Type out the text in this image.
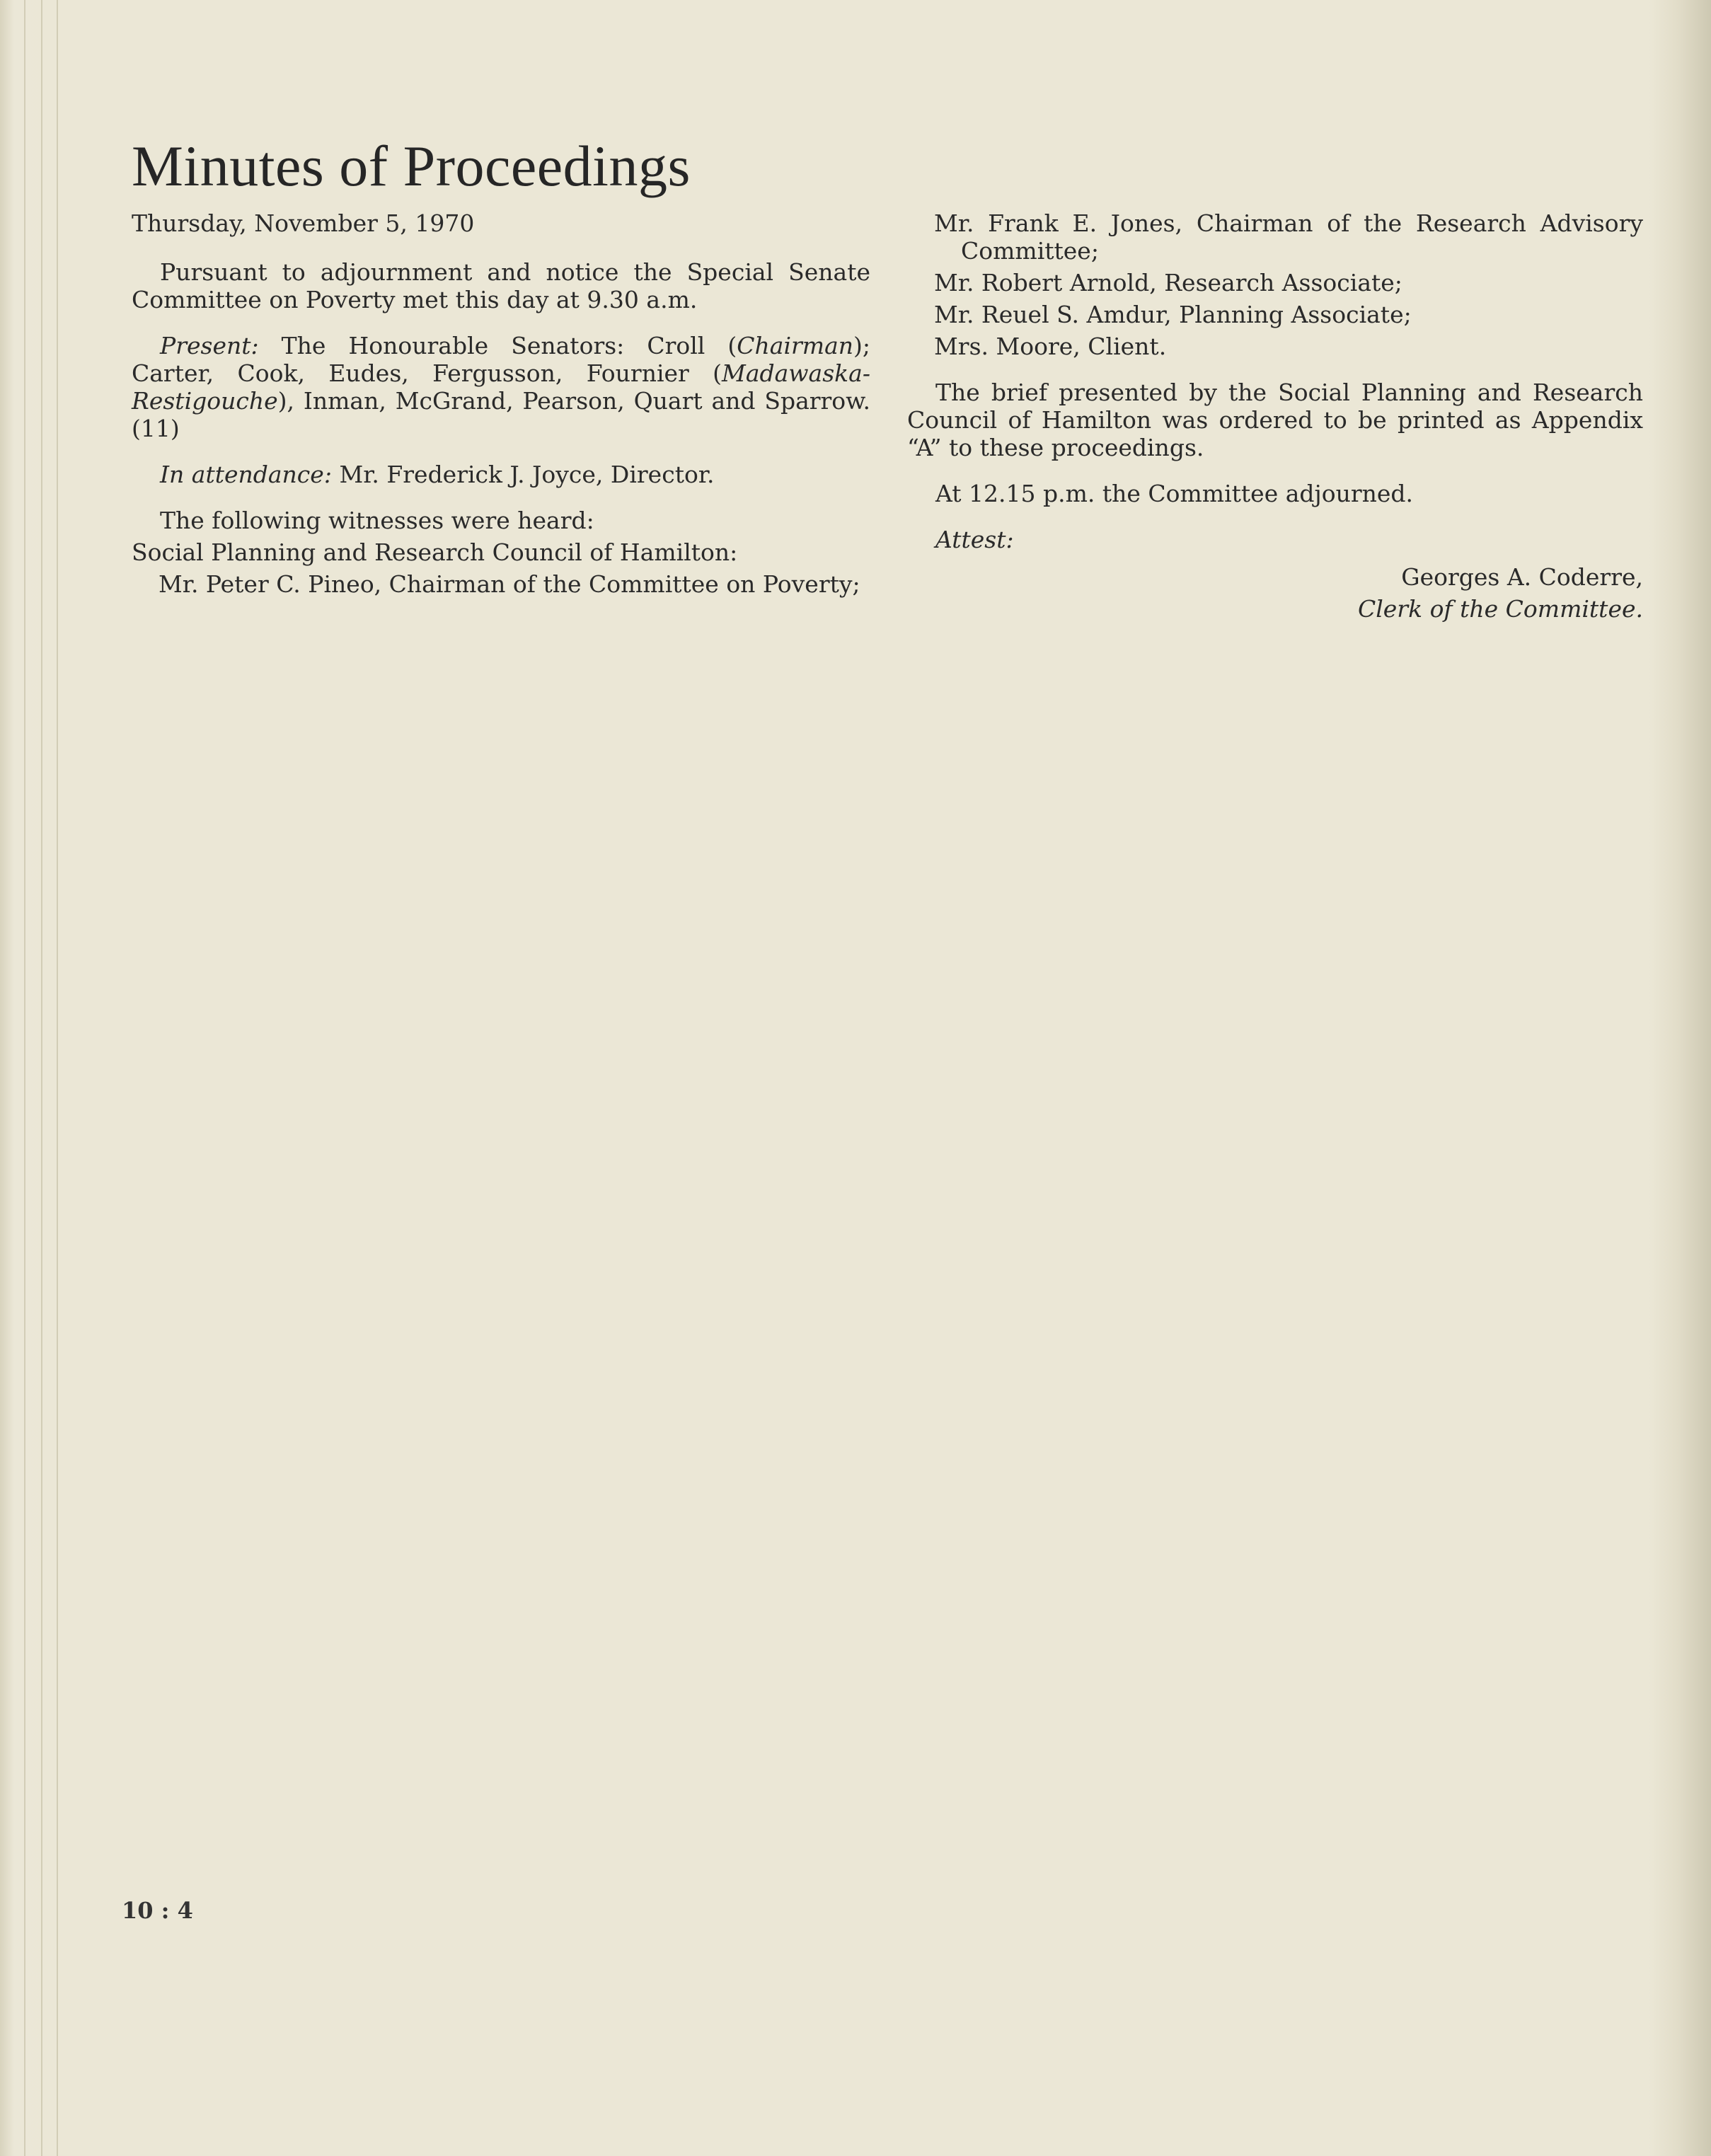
Minutes of Proceedings

Thursday, November 5, 1970

Pursuant to adjournment and notice the Special Senate Committee on Poverty met this day at 9.30 a.m.

Present: The Honourable Senators: Croll (Chairman); Carter, Cook, Eudes, Fergusson, Fournier (Madawaska-Restigouche), Inman, McGrand, Pearson, Quart and Sparrow. (11)

In attendance: Mr. Frederick J. Joyce, Director.

The following witnesses were heard:

Social Planning and Research Council of Hamilton:

Mr. Peter C. Pineo, Chairman of the Committee on Poverty;

Mr. Frank E. Jones, Chairman of the Research Advisory Committee;

Mr. Robert Arnold, Research Associate;

Mr. Reuel S. Amdur, Planning Associate;

Mrs. Moore, Client.

The brief presented by the Social Planning and Research Council of Hamilton was ordered to be printed as Appendix “A” to these proceedings.

At 12.15 p.m. the Committee adjourned.

Attest:

Georges A. Coderre,

Clerk of the Committee.

10 : 4
